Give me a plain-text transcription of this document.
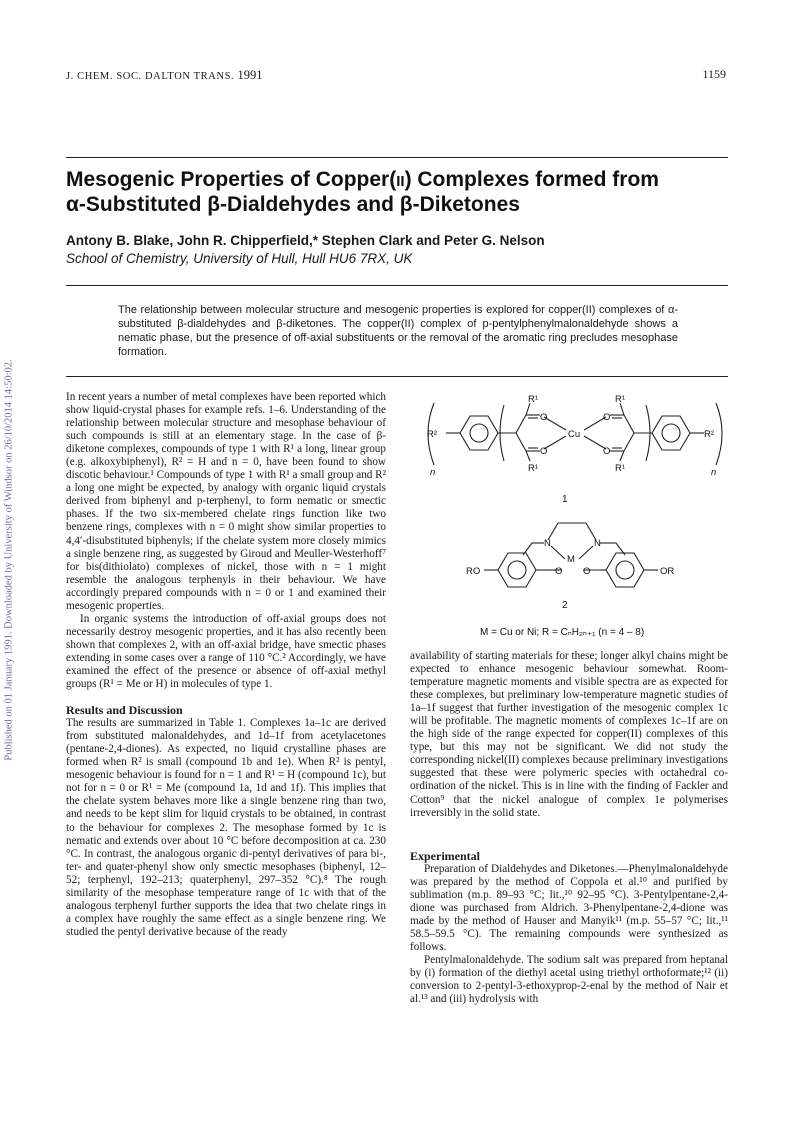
Published on 01 January 1991. Downloaded by University of Windsor on 26/10/2014 14:50:02.
J. CHEM. SOC. DALTON TRANS. 1991	1159
Mesogenic Properties of Copper(II) Complexes formed from
α-Substituted β-Dialdehydes and β-Diketones
Antony B. Blake, John R. Chipperfield,* Stephen Clark and Peter G. Nelson
School of Chemistry, University of Hull, Hull HU6 7RX, UK
The relationship between molecular structure and mesogenic properties is explored for copper(II) complexes of α-substituted β-dialdehydes and β-diketones. The copper(II) complex of p-pentylphenylmalonaldehyde shows a nematic phase, but the presence of off-axial substituents or the removal of the aromatic ring precludes mesophase formation.

In recent years a number of metal complexes have been reported which show liquid-crystal phases for example refs. 1–6. Understanding of the relationship between molecular structure and mesophase behaviour of such compounds is still at an elementary stage. In the case of β-diketone complexes, compounds of type 1 with R¹ a long, linear group (e.g. alkoxybiphenyl), R² = H and n = 0, have been found to show discotic behaviour.¹ Compounds of type 1 with R¹ a small group and R² a long one might be expected, by analogy with organic liquid crystals derived from biphenyl and p-terphenyl, to form nematic or smectic phases. If the two six-membered chelate rings function like two benzene rings, complexes with n = 0 might show similar properties to 4,4′-disubstituted biphenyls; if the chelate system more closely mimics a single benzene ring, as suggested by Giroud and Meuller-Westerhoff⁷ for bis(dithiolato) complexes of nickel, those with n = 1 might resemble the analogous terphenyls in their behaviour. We have accordingly prepared compounds with n = 0 or 1 and examined their mesogenic properties.

In organic systems the introduction of off-axial groups does not necessarily destroy mesogenic properties, and it has also recently been shown that complexes 2, with an off-axial bridge, have smectic phases extending in some cases over a range of 110 °C.² Accordingly, we have examined the effect of the presence or absence of off-axial methyl groups (R¹ = Me or H) in molecules of type 1.

Results and Discussion

The results are summarized in Table 1. Complexes 1a–1c are derived from substituted malonaldehydes, and 1d–1f from acetylacetones (pentane-2,4-diones). As expected, no liquid crystalline phases are formed when R² is small (compound 1b and 1e). When R² is pentyl, mesogenic behaviour is found for n = 1 and R¹ = H (compound 1c), but not for n = 0 or R¹ = Me (compound 1a, 1d and 1f). This implies that the chelate system behaves more like a single benzene ring than two, and needs to be kept slim for liquid crystals to be obtained, in contrast to the behaviour for complexes 2. The mesophase formed by 1c is nematic and extends over about 10 °C before decomposition at ca. 230 °C. In contrast, the analogous organic di-pentyl derivatives of para bi-, ter- and quater-phenyl show only smectic mesophases (biphenyl, 12–52; terphenyl, 192–213; quaterphenyl, 297–352 °C).⁸ The rough similarity of the mesophase temperature range of 1c with that of the analogous terphenyl further supports the idea that two chelate rings in a complex have roughly the same effect as a single benzene ring. We studied the pentyl derivative because of the ready

R¹	R¹
R¹	R¹
R²	R²
O
O
O
O
Cu
n	n
1
N	N
M
O O
RO	OR
2
M = Cu or Ni; R = CₙH₂ₙ₊₁ (n = 4 – 8)

availability of starting materials for these; longer alkyl chains might be expected to enhance mesogenic behaviour somewhat. Room-temperature magnetic moments and visible spectra are as expected for these complexes, but preliminary low-temperature magnetic studies of 1a–1f suggest that further investigation of the mesogenic complex 1c will be profitable. The magnetic moments of complexes 1c–1f are on the high side of the range expected for copper(II) complexes of this type, but this may not be significant. We did not study the corresponding nickel(II) complexes because preliminary investigations suggested that these were polymeric species with octahedral co-ordination of the nickel. This is in line with the finding of Fackler and Cotton⁹ that the nickel analogue of complex 1e polymerises irreversibly in the solid state.

Experimental

Preparation of Dialdehydes and Diketones.—Phenylmalonaldehyde was prepared by the method of Coppola et al.¹⁰ and purified by sublimation (m.p. 89–93 °C; lit.,¹⁰ 92–95 °C). 3-Pentylpentane-2,4-dione was purchased from Aldrich. 3-Phenylpentane-2,4-dione was made by the method of Hauser and Manyik¹¹ (m.p. 55–57 °C; lit.,¹¹ 58.5–59.5 °C). The remaining compounds were synthesized as follows.

Pentylmalonaldehyde. The sodium salt was prepared from heptanal by (i) formation of the diethyl acetal using triethyl orthoformate;¹² (ii) conversion to 2-pentyl-3-ethoxyprop-2-enal by the method of Nair et al.¹³ and (iii) hydrolysis with
